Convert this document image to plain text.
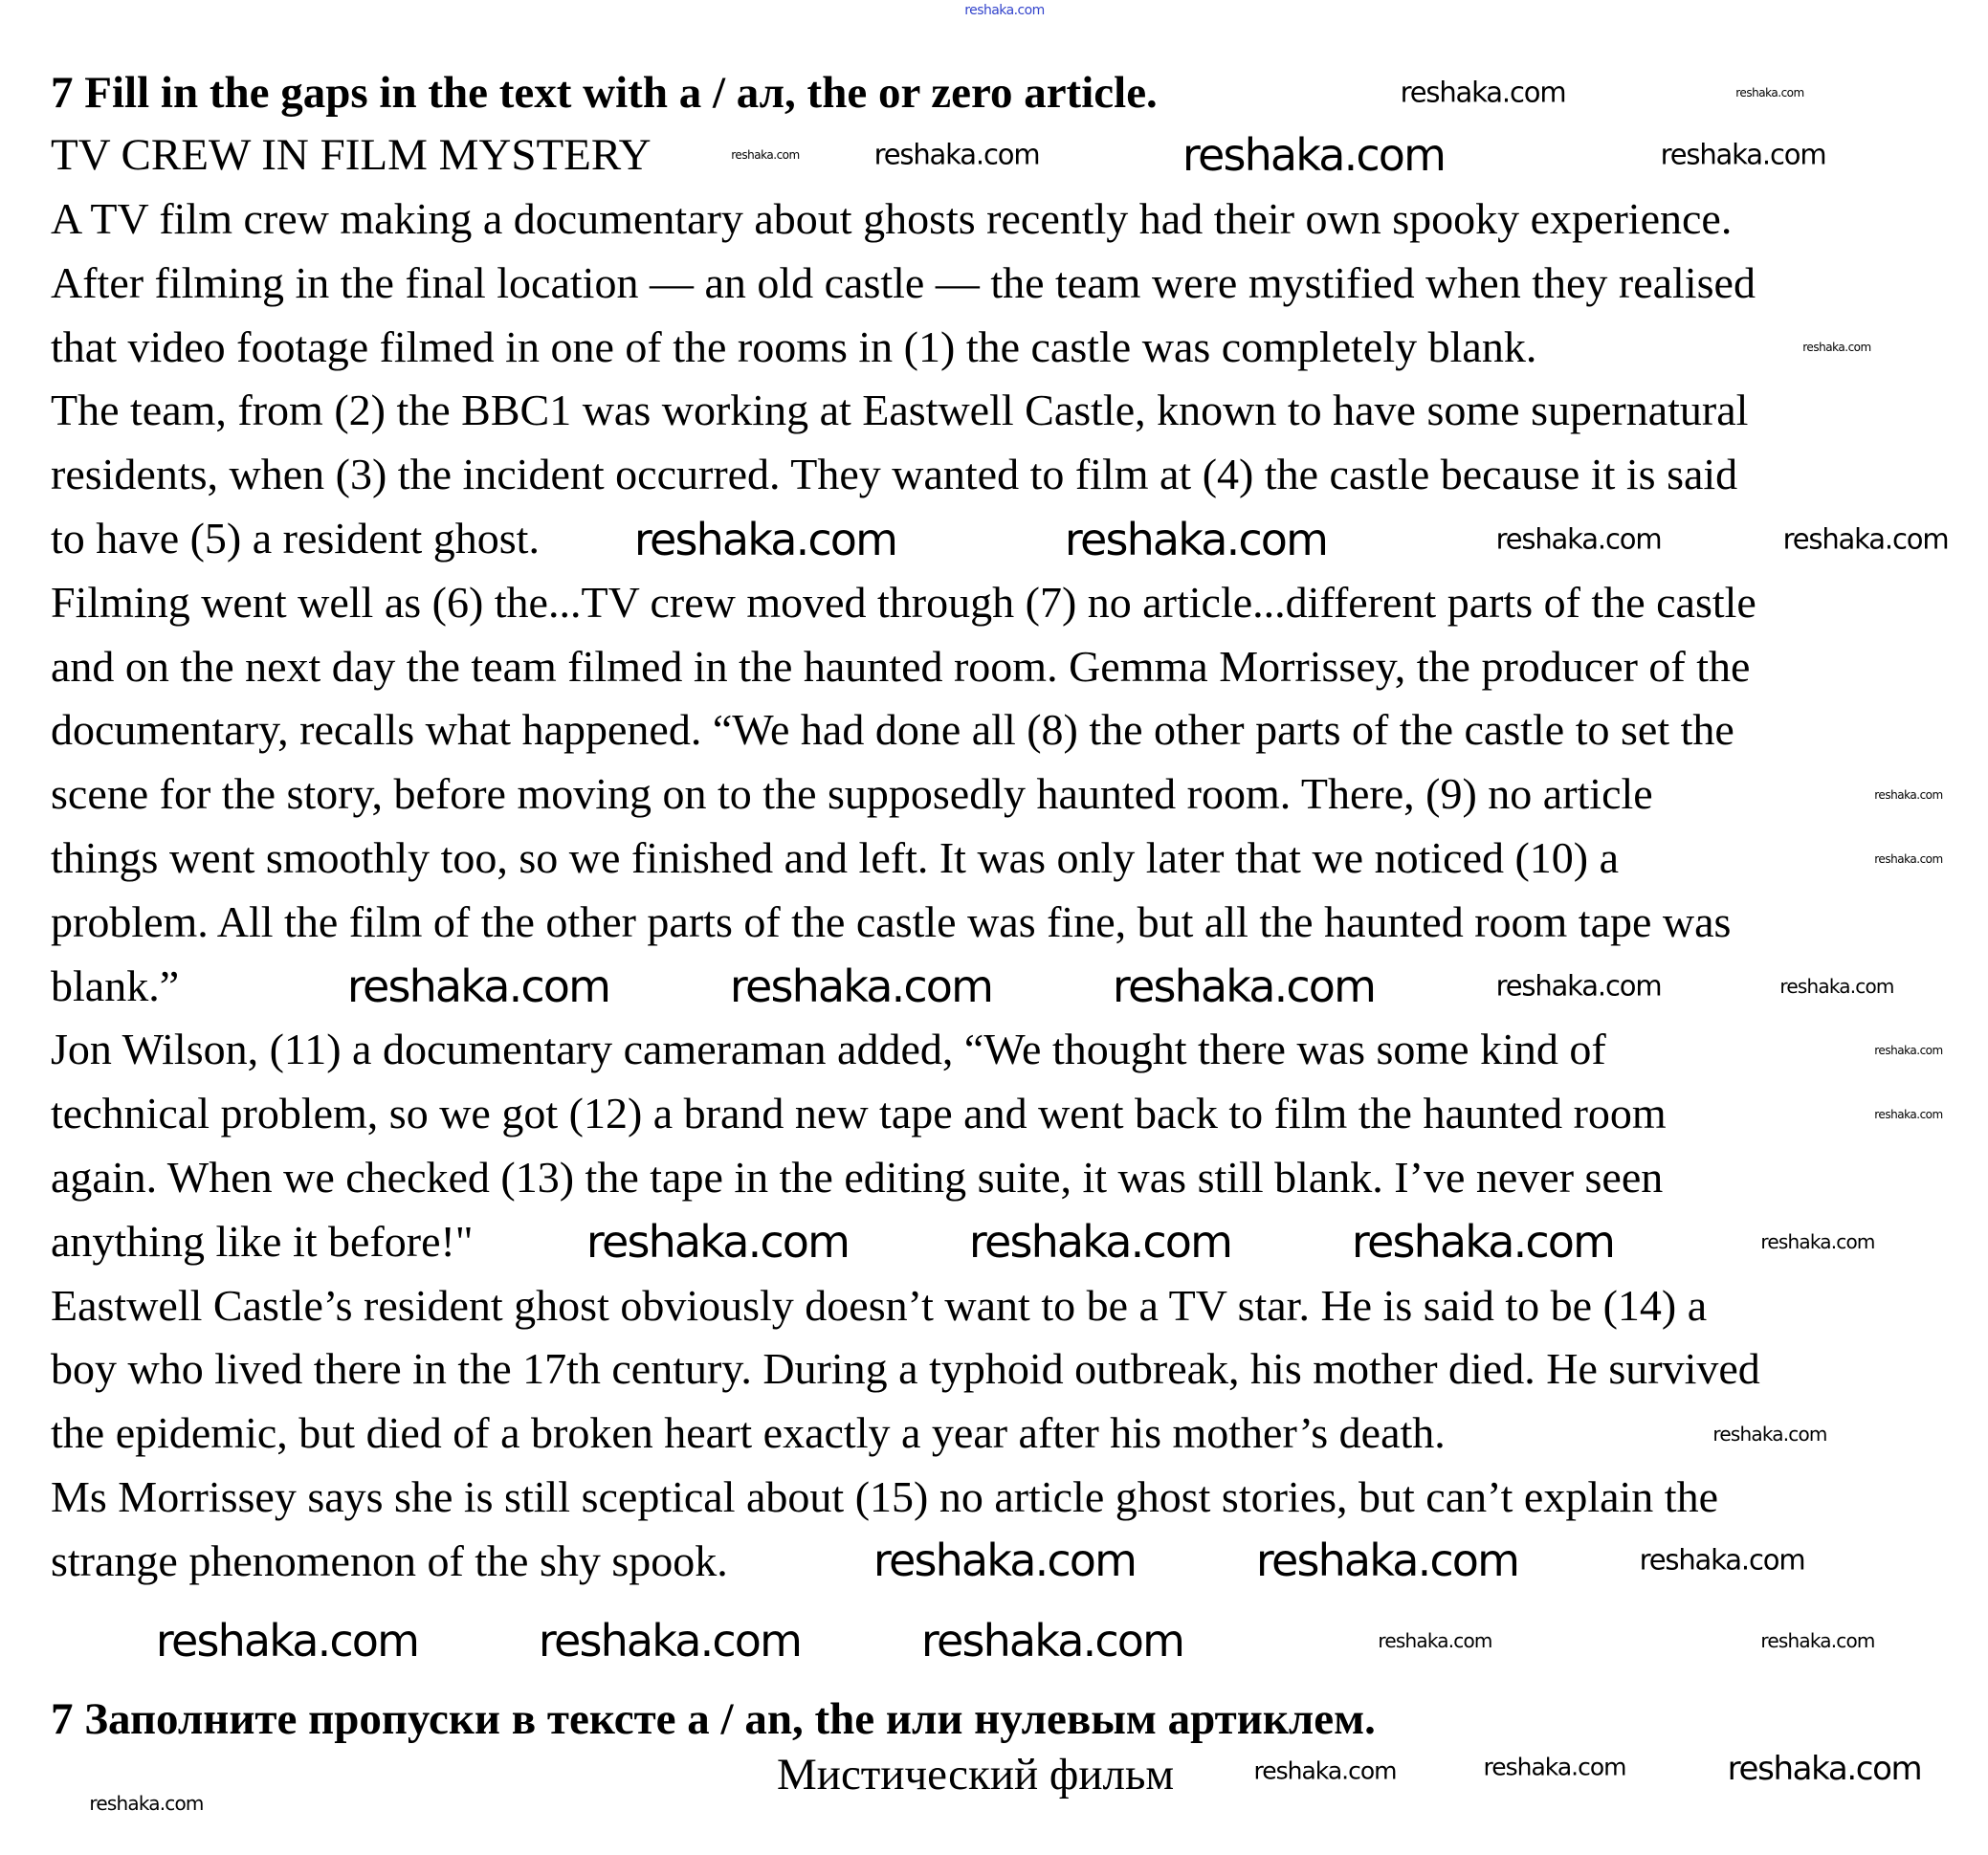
7 Fill in the gaps in the text with a / ал, the or zero article.
TV CREW IN FILM MYSTERY
A TV film crew making a documentary about ghosts recently had their own spooky experience.
After filming in the final location — an old castle — the team were mystified when they realised
that video footage filmed in one of the rooms in (1) the castle was completely blank.
The team, from (2) the BBC1 was working at Eastwell Castle, known to have some supernatural
residents, when (3) the incident occurred. They wanted to film at (4) the castle because it is said
to have (5) a resident ghost.
Filming went well as (6) the...TV crew moved through (7) no article...different parts of the castle
and on the next day the team filmed in the haunted room. Gemma Morrissey, the producer of the
documentary, recalls what happened. “We had done all (8) the other parts of the castle to set the
scene for the story, before moving on to the supposedly haunted room. There, (9) no article
things went smoothly too, so we finished and left. It was only later that we noticed (10) a
problem. All the film of the other parts of the castle was fine, but all the haunted room tape was
blank.”
Jon Wilson, (11) a documentary cameraman added, “We thought there was some kind of
technical problem, so we got (12) a brand new tape and went back to film the haunted room
again. When we checked (13) the tape in the editing suite, it was still blank. I’ve never seen
anything like it before!"
Eastwell Castle’s resident ghost obviously doesn’t want to be a TV star. He is said to be (14) a
boy who lived there in the 17th century. During a typhoid outbreak, his mother died. He survived
the epidemic, but died of a broken heart exactly a year after his mother’s death.
Ms Morrissey says she is still sceptical about (15) no article ghost stories, but can’t explain the
strange phenomenon of the shy spook.
7 Заполните пропуски в тексте a / an, the или нулевым артиклем.
Мистический фильм
reshaka.com
reshaka.com	reshaka.com
reshaka.com	reshaka.com	reshaka.com	reshaka.com
reshaka.com
reshaka.com	reshaka.com	reshaka.com	reshaka.com
reshaka.com
reshaka.com
reshaka.com
reshaka.com
reshaka.com	reshaka.com	reshaka.com	reshaka.com	reshaka.com
reshaka.com	reshaka.com	reshaka.com	reshaka.com
reshaka.com
reshaka.com	reshaka.com	reshaka.com
reshaka.com	reshaka.com	reshaka.com	reshaka.com	reshaka.com
reshaka.com
reshaka.com	reshaka.com	reshaka.com
